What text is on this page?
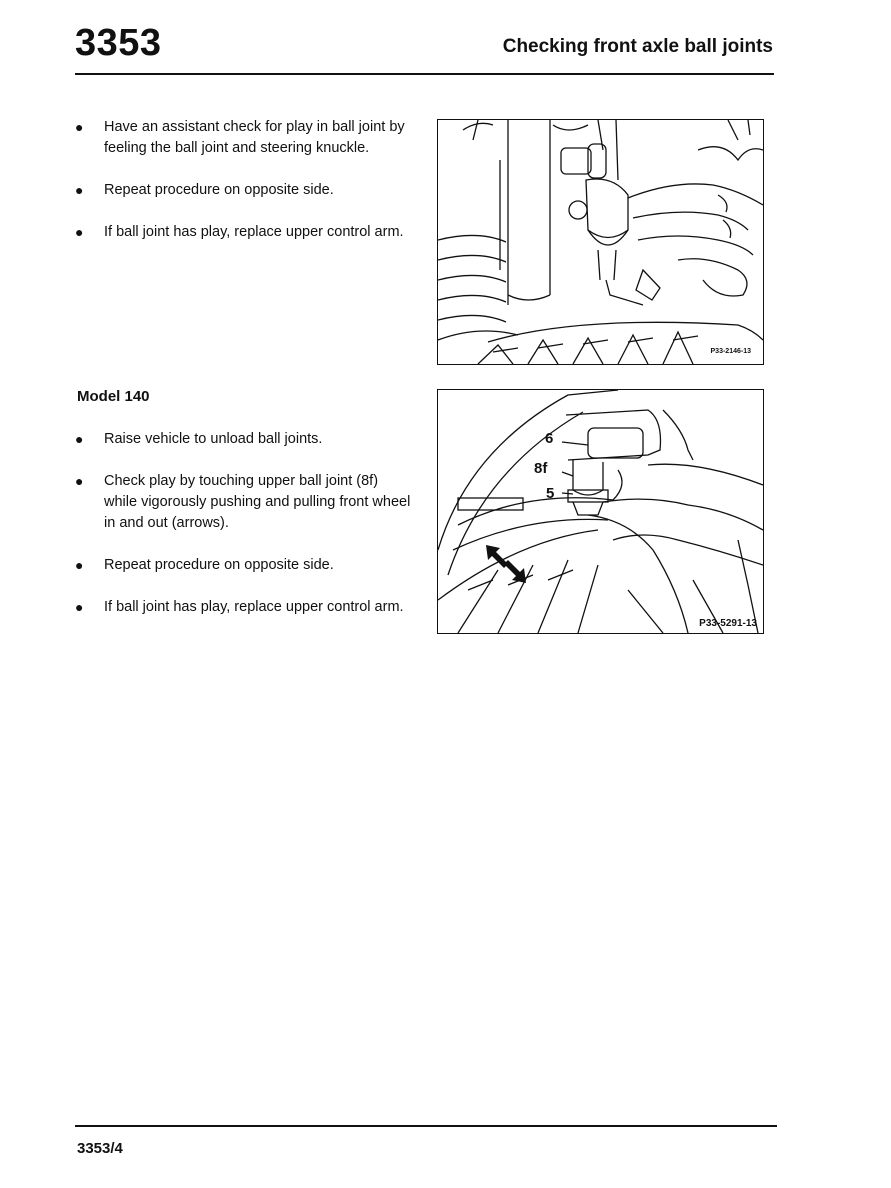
3353	Checking front axle ball joints
● Have an assistant check for play in ball joint by feeling the ball joint and steering knuckle.
● Repeat procedure on opposite side.
● If ball joint has play, replace upper control arm.
Model 140
● Raise vehicle to unload ball joints.
● Check play by touching upper ball joint (8f) while vigorously pushing and pulling front wheel in and out (arrows).
● Repeat procedure on opposite side.
● If ball joint has play, replace upper control arm.
P33-2146-13
6
8f
5
P33-5291-13
3353/4
